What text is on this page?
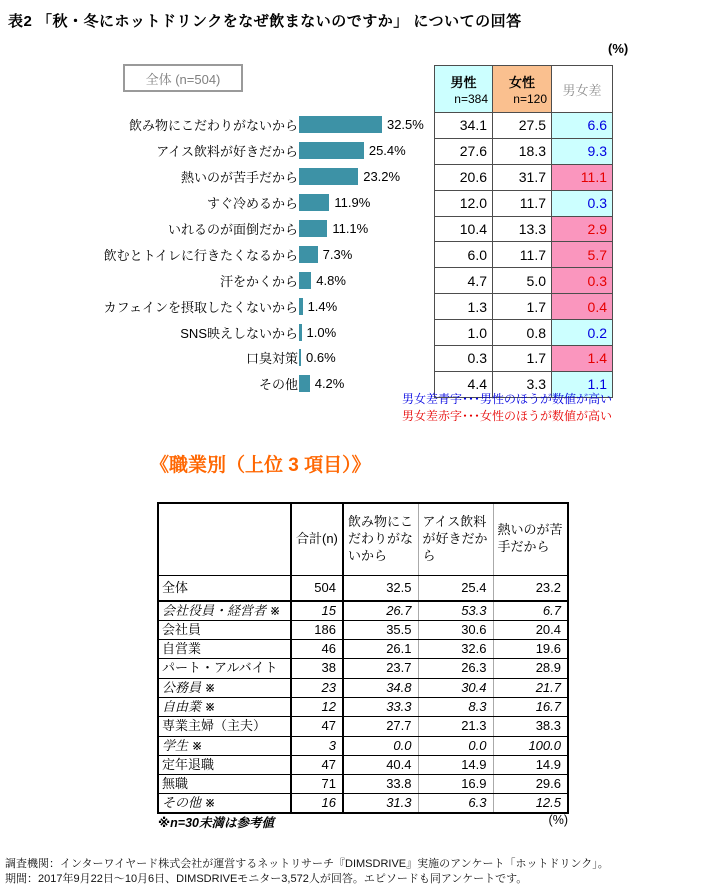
表2 「秋・冬にホットドリンクをなぜ飲まないのですか」 についての回答
(%)
全体 (n=504)
飲み物にこだわりがないから	32.5%
アイス飲料が好きだから	25.4%
熱いのが苦手だから	23.2%
すぐ冷めるから	11.9%
いれるのが面倒だから	11.1%
飲むとトイレに行きたくなるから 7.3%
汗をかくから 4.8%
カフェインを摂取したくないから 1.4%
SNS映えしないから 1.0%
口臭対策 0.6%
その他 4.2%
男性
n=384

女性
n=120
	男女差
34.1	27.5	6.6
27.6	18.3	9.3
20.6	31.7	11.1
12.0	11.7	0.3
10.4	13.3	2.9
6.0	11.7	5.7
4.7	5.0	0.3
1.3	1.7	0.4
1.0	0.8	0.2
0.3	1.7	1.4
4.4	3.3	1.1
男女差青字･･･男性のほうが数値が高い
男女差赤字･･･女性のほうが数値が高い
《職業別（上位 3 項目）》
	合計(n)	飲み物にこだわりがないから	アイス飲料が好きだから	熱いのが苦手だから
全体	504	32.5	25.4	23.2
会社役員・経営者 ※	15	26.7	53.3	6.7
会社員	186	35.5	30.6	20.4
自営業	46	26.1	32.6	19.6
パート・アルバイト	38	23.7	26.3	28.9
公務員 ※	23	34.8	30.4	21.7
自由業 ※	12	33.3	8.3	16.7
専業主婦（主夫）	47	27.7	21.3	38.3
学生 ※	3	0.0	0.0	100.0
定年退職	47	40.4	14.9	14.9
無職	71	33.8	16.9	29.6
その他 ※	16	31.3	6.3	12.5
※n=30未満は参考値	(%)
調査機関：インターワイヤード株式会社が運営するネットリサーチ『DIMSDRIVE』実施のアンケート「ホットドリンク」。
期間：2017年9月22日～10月6日、DIMSDRIVEモニター3,572人が回答。エピソードも同アンケートです。
